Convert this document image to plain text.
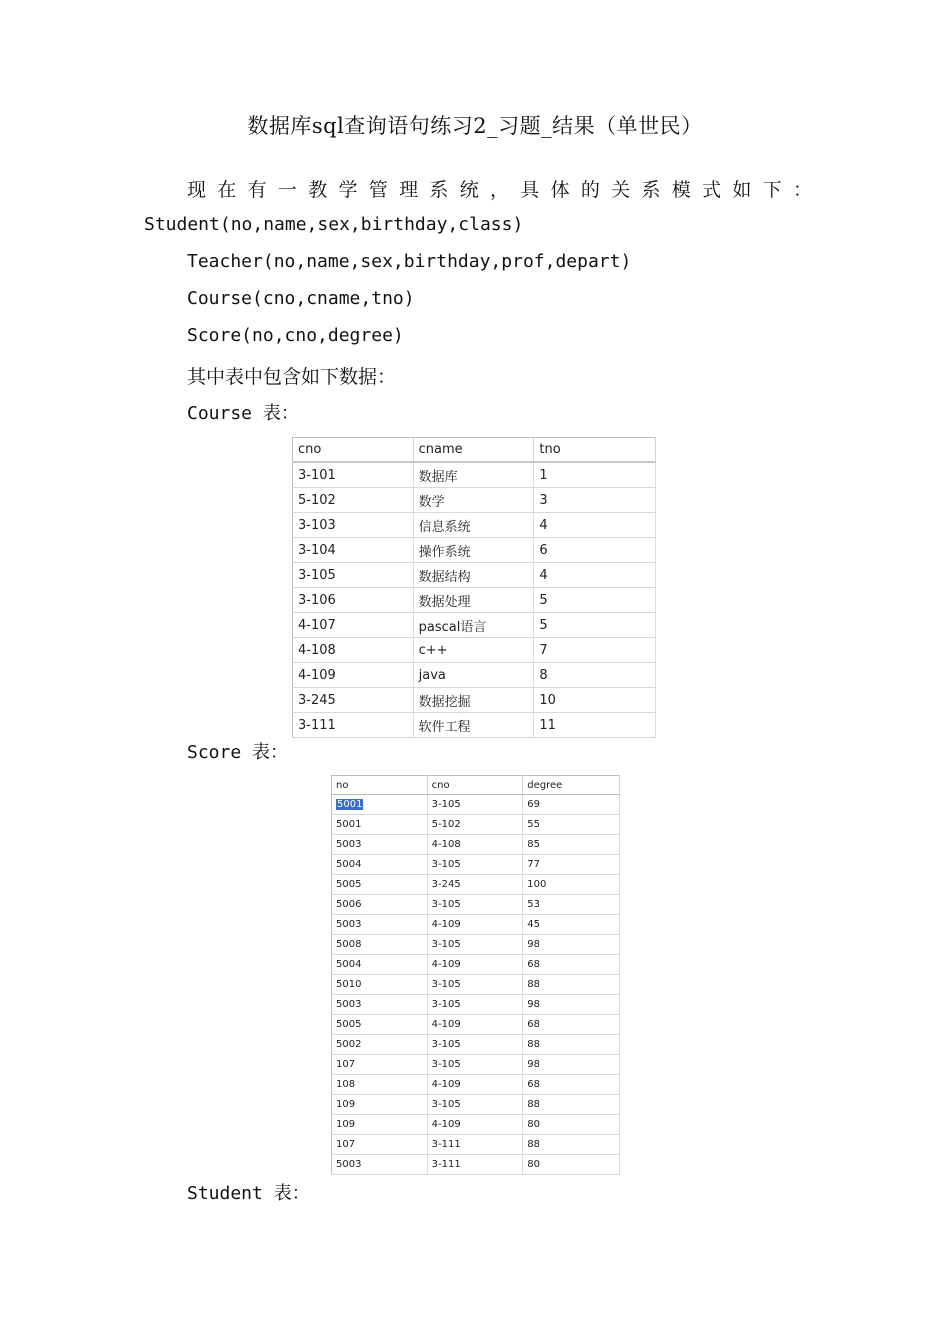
数据库sql查询语句练习2_习题_结果（单世民）
现在有一教学管理系统，具体的关系模式如下：
Student(no,name,sex,birthday,class)
Teacher(no,name,sex,birthday,prof,depart)
Course(cno,cname,tno)
Score(no,cno,degree)
其中表中包含如下数据：
Course 表：
cno	cname	tno
3-101	数据库	1
5-102	数学	3
3-103	信息系统	4
3-104	操作系统	6
3-105	数据结构	4
3-106	数据处理	5
4-107	pascal语言	5
4-108	c++	7
4-109	java	8
3-245	数据挖掘	10
3-111	软件工程	11
Score 表：
no	cno	degree
5001	3-105	69
5001	5-102	55
5003	4-108	85
5004	3-105	77
5005	3-245	100
5006	3-105	53
5003	4-109	45
5008	3-105	98
5004	4-109	68
5010	3-105	88
5003	3-105	98
5005	4-109	68
5002	3-105	88
107	3-105	98
108	4-109	68
109	3-105	88
109	4-109	80
107	3-111	88
5003	3-111	80
Student 表：
